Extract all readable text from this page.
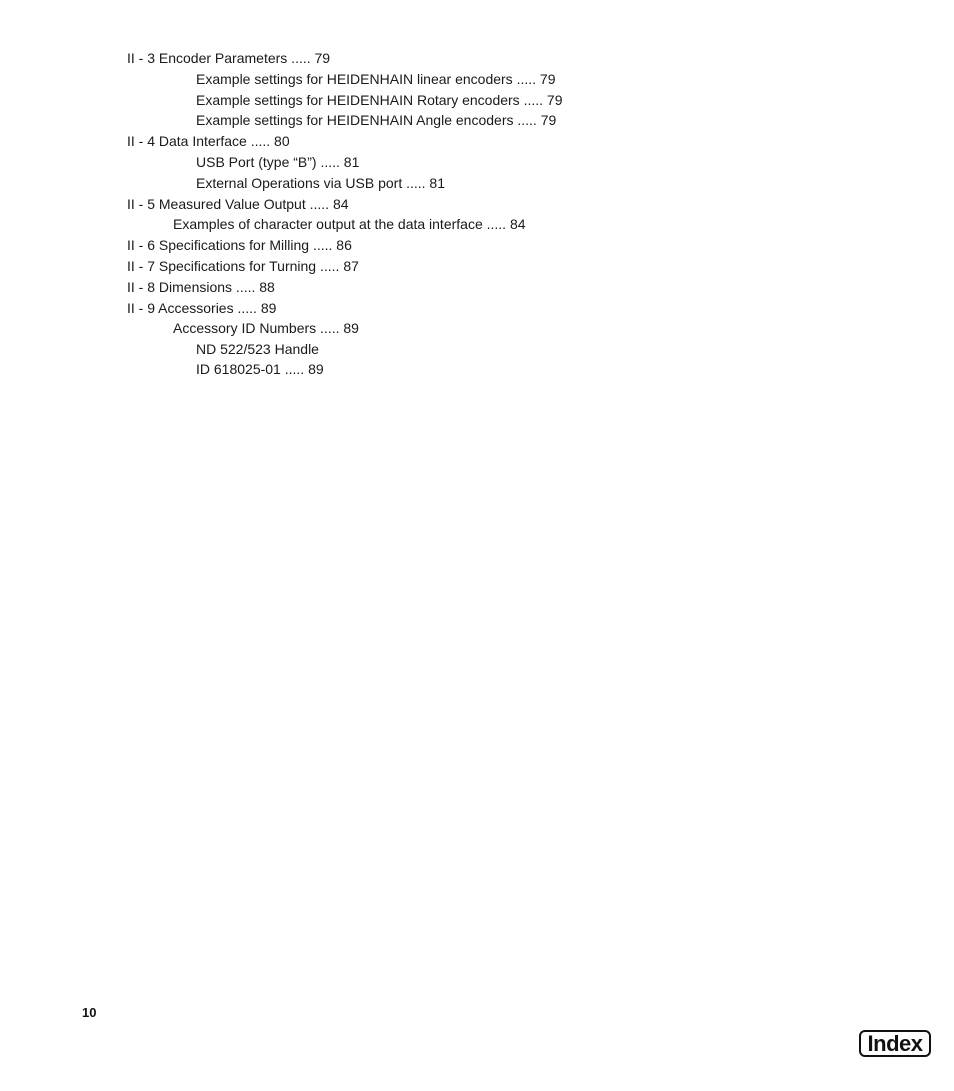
II - 3 Encoder Parameters ..... 79
Example settings for HEIDENHAIN linear encoders ..... 79
Example settings for HEIDENHAIN Rotary encoders ..... 79
Example settings for HEIDENHAIN Angle encoders ..... 79
II - 4 Data Interface ..... 80
USB Port (type “B”) ..... 81
External Operations via USB port ..... 81
II - 5 Measured Value Output ..... 84
Examples of character output at the data interface ..... 84
II - 6 Specifications for Milling ..... 86
II - 7 Specifications for Turning ..... 87
II - 8 Dimensions ..... 88
II - 9 Accessories ..... 89
Accessory ID Numbers ..... 89
ND 522/523 Handle
ID 618025-01 ..... 89
10
Index
